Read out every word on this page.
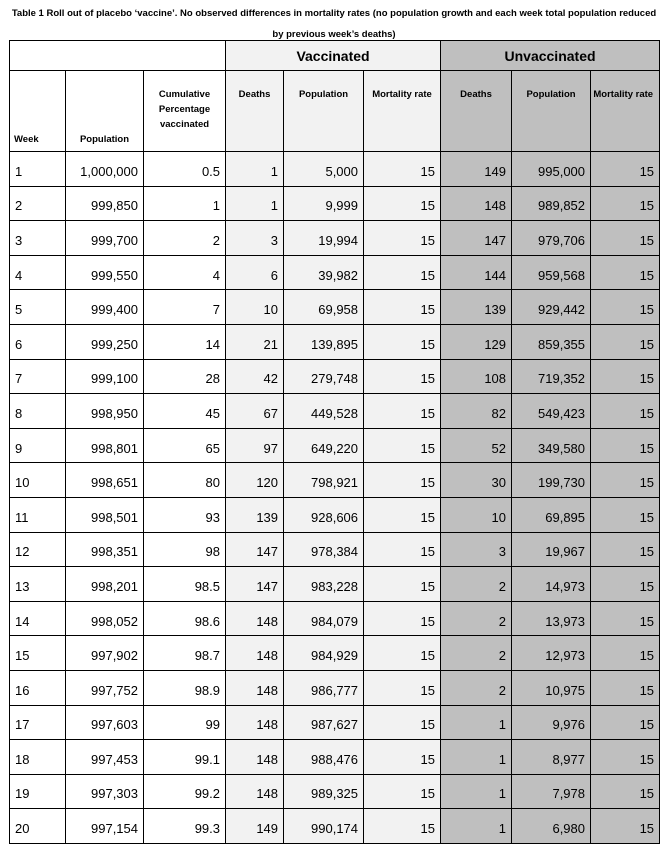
Table 1 Roll out of placebo ‘vaccine’. No observed differences in mortality rates (no population growth and each week total population reduced by previous week’s deaths)
			Vaccinated			Unvaccinated		
Week	Population	Cumulative Percentage vaccinated	Deaths	Population	Mortality rate	Deaths	Population	Mortality rate
1	1,000,000	0.5	1	5,000	15	149	995,000	15
2	999,850	1	1	9,999	15	148	989,852	15
3	999,700	2	3	19,994	15	147	979,706	15
4	999,550	4	6	39,982	15	144	959,568	15
5	999,400	7	10	69,958	15	139	929,442	15
6	999,250	14	21	139,895	15	129	859,355	15
7	999,100	28	42	279,748	15	108	719,352	15
8	998,950	45	67	449,528	15	82	549,423	15
9	998,801	65	97	649,220	15	52	349,580	15
10	998,651	80	120	798,921	15	30	199,730	15
11	998,501	93	139	928,606	15	10	69,895	15
12	998,351	98	147	978,384	15	3	19,967	15
13	998,201	98.5	147	983,228	15	2	14,973	15
14	998,052	98.6	148	984,079	15	2	13,973	15
15	997,902	98.7	148	984,929	15	2	12,973	15
16	997,752	98.9	148	986,777	15	2	10,975	15
17	997,603	99	148	987,627	15	1	9,976	15
18	997,453	99.1	148	988,476	15	1	8,977	15
19	997,303	99.2	148	989,325	15	1	7,978	15
20	997,154	99.3	149	990,174	15	1	6,980	15
